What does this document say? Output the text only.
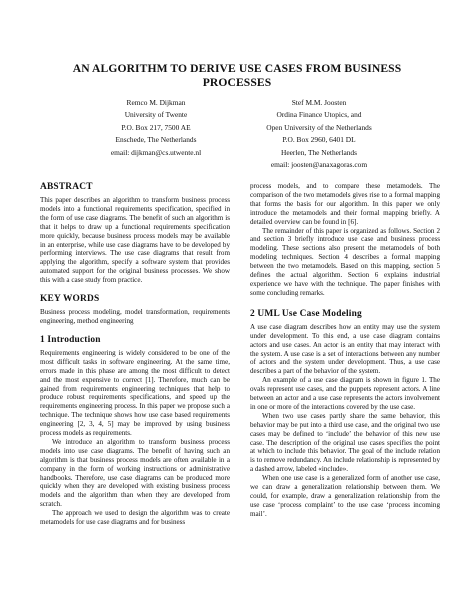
AN ALGORITHM TO DERIVE USE CASES FROM BUSINESS PROCESSES
Remco M. Dijkman
University of Twente
P.O. Box 217, 7500 AE
Enschede, The Netherlands
email: dijkman@cs.utwente.nl
Stef M.M. Joosten
Ordina Finance Utopics, and
Open University of the Netherlands
P.O. Box 2960, 6401 DL
Heerlen, The Netherlands
email: joosten@anaxagoras.com
ABSTRACT

This paper describes an algorithm to transform business process models into a functional requirements specification, specified in the form of use case diagrams. The benefit of such an algorithm is that it helps to draw up a functional requirements specification more quickly, because business process models may be available in an enterprise, while use case diagrams have to be developed by performing interviews. The use case diagrams that result from applying the algorithm, specify a software system that provides automated support for the original business processes. We show this with a case study from practice.

KEY WORDS

Business process modeling, model transformation, requirements engineering, method engineering

1 Introduction

Requirements engineering is widely considered to be one of the most difficult tasks in software engineering. At the same time, errors made in this phase are among the most difficult to detect and the most expensive to correct [1]. Therefore, much can be gained from requirements engineering techniques that help to produce robust requirements specifications, and speed up the requirements engineering process. In this paper we propose such a technique. The technique shows how use case based requirements engineering [2, 3, 4, 5] may be improved by using business process models as requirements.

We introduce an algorithm to transform business process models into use case diagrams. The benefit of having such an algorithm is that business process models are often available in a company in the form of working instructions or administrative handbooks. Therefore, use case diagrams can be produced more quickly when they are developed with existing business process models and the algorithm than when they are developed from scratch.

The approach we used to design the algorithm was to create metamodels for use case diagrams and for business

process models, and to compare these metamodels. The comparison of the two metamodels gives rise to a formal mapping that forms the basis for our algorithm. In this paper we only introduce the metamodels and their formal mapping briefly. A detailed overview can be found in [6].

The remainder of this paper is organized as follows. Section 2 and section 3 briefly introduce use case and business process modeling. These sections also present the metamodels of both modeling techniques. Section 4 describes a formal mapping between the two metamodels. Based on this mapping, section 5 defines the actual algorithm. Section 6 explains industrial experience we have with the technique. The paper finishes with some concluding remarks.

2 UML Use Case Modeling

A use case diagram describes how an entity may use the system under development. To this end, a use case diagram contains actors and use cases. An actor is an entity that may interact with the system. A use case is a set of interactions between any number of actors and the system under development. Thus, a use case describes a part of the behavior of the system.

An example of a use case diagram is shown in figure 1. The ovals represent use cases, and the puppets represent actors. A line between an actor and a use case represents the actors involvement in one or more of the interactions covered by the use case.

When two use cases partly share the same behavior, this behavior may be put into a third use case, and the original two use cases may be defined to ‘include’ the behavior of this new use case. The description of the original use cases specifies the point at which to include this behavior. The goal of the include relation is to remove redundancy. An include relationship is represented by a dashed arrow, labeled «include».

When one use case is a generalized form of another use case, we can draw a generalization relationship between them. We could, for example, draw a generalization relationship from the use case ‘process complaint’ to the use case ‘process incoming mail’.
